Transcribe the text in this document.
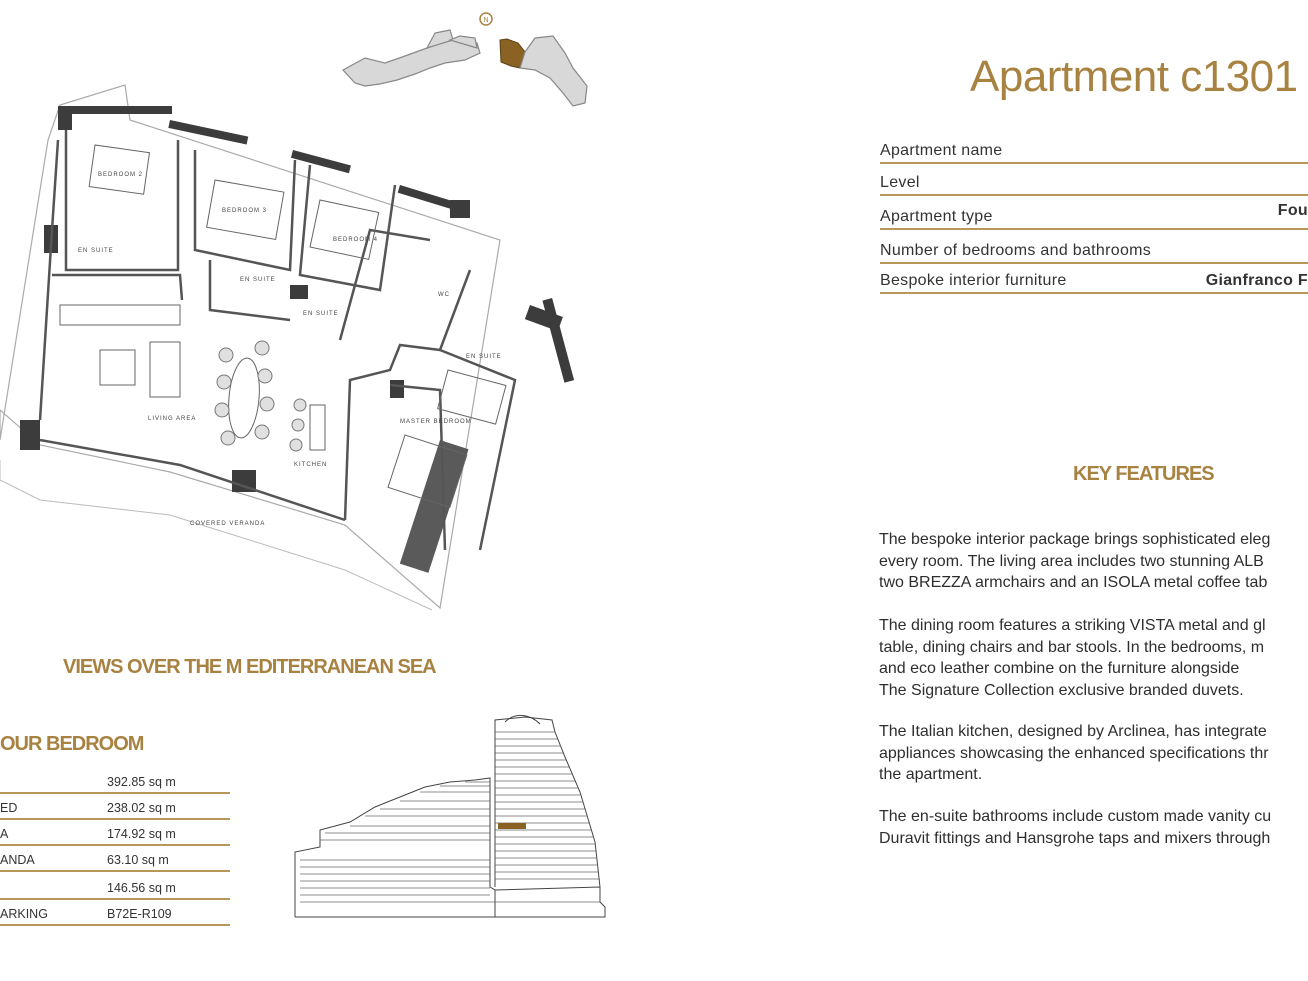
N
BEDROOM 2
BEDROOM 3
BEDROOM 4
EN SUITE
EN SUITE
EN SUITE
WC
EN SUITE
LIVING AREA
KITCHEN
MASTER BEDROOM
COVERED VERANDA
Apartment c1301
Apartment name
Level
Apartment type	Fou
Number of bedrooms and bathrooms
Bespoke interior furniture	Gianfranco F
KEY FEATURES
The bespoke interior package brings sophisticated eleg
every room. The living area includes two stunning ALB
two BREZZA armchairs and an ISOLA metal coffee tab
The dining room features a striking VISTA metal and gl
table, dining chairs and bar stools. In the bedrooms, m
and eco leather combine on the furniture alongside
The Signature Collection exclusive branded duvets.
The Italian kitchen, designed by Arclinea, has integrate
appliances showcasing the enhanced specifications thr
the apartment.
The en-suite bathrooms include custom made vanity cu
Duravit fittings and Hansgrohe taps and mixers through
VIEWS OVER THE M EDITERRANEAN SEA
OUR BEDROOM
392.85 sq m
ED	238.02 sq m
A	174.92 sq m
ANDA	63.10 sq m
146.56 sq m
ARKING	B72E-R109
